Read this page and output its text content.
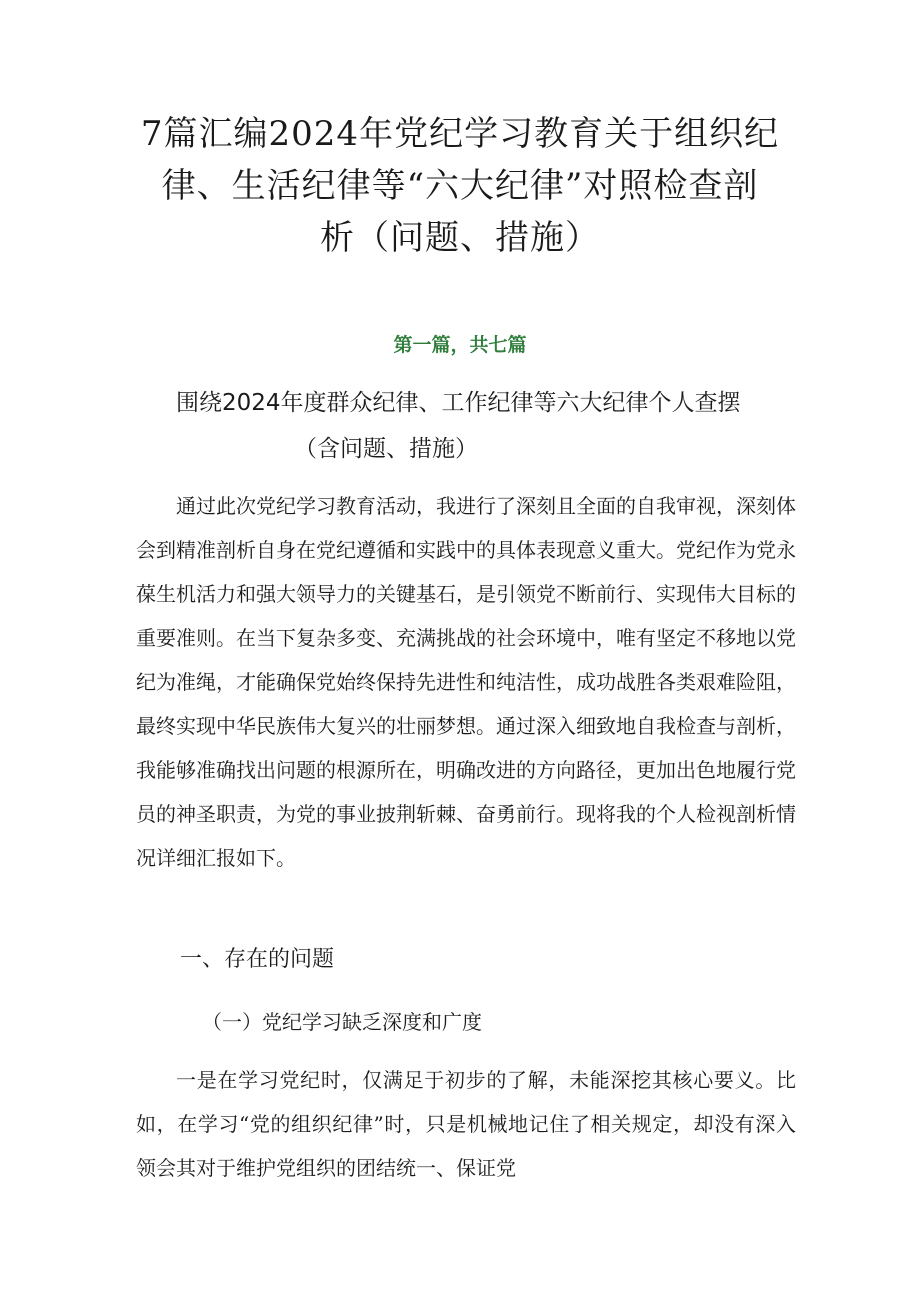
7篇汇编2024年党纪学习教育关于组织纪
律、生活纪律等“六大纪律”对照检查剖
析（问题、措施）

第一篇，共七篇

围绕2024年度群众纪律、工作纪律等六大纪律个人查摆
（含问题、措施）

通过此次党纪学习教育活动，我进行了深刻且全面的自我审视，深刻体会到精准剖析自身在党纪遵循和实践中的具体表现意义重大。党纪作为党永葆生机活力和强大领导力的关键基石，是引领党不断前行、实现伟大目标的重要准则。在当下复杂多变、充满挑战的社会环境中，唯有坚定不移地以党纪为准绳，才能确保党始终保持先进性和纯洁性，成功战胜各类艰难险阻，最终实现中华民族伟大复兴的壮丽梦想。通过深入细致地自我检查与剖析，我能够准确找出问题的根源所在，明确改进的方向路径，更加出色地履行党员的神圣职责，为党的事业披荆斩棘、奋勇前行。现将我的个人检视剖析情况详细汇报如下。

一、存在的问题
（一）党纪学习缺乏深度和广度

一是在学习党纪时，仅满足于初步的了解，未能深挖其核心要义。比如，在学习“党的组织纪律”时，只是机械地记住了相关规定，却没有深入领会其对于维护党组织的团结统一、保证党
